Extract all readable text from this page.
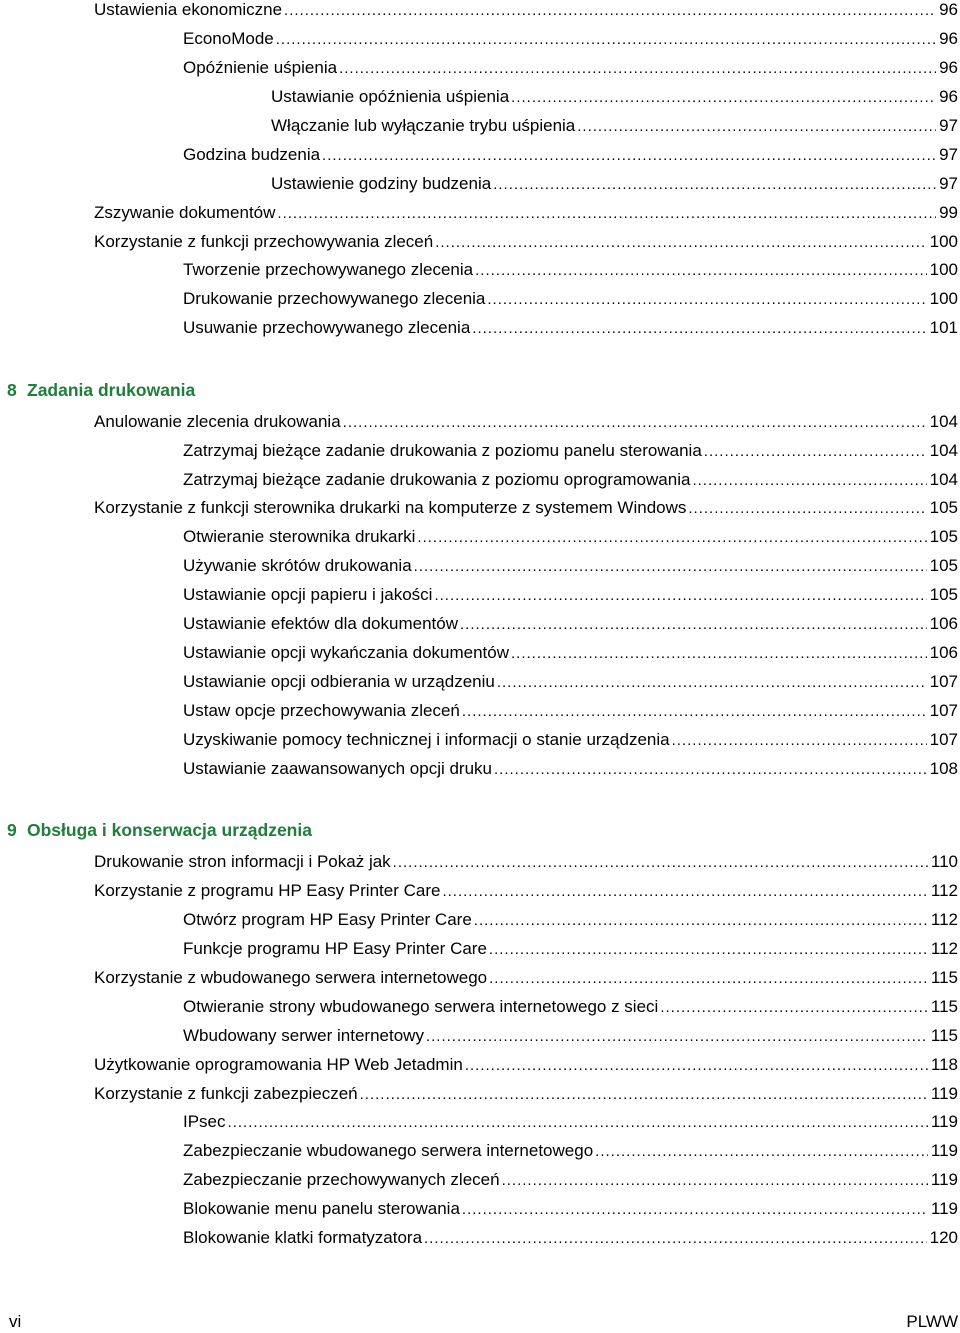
Ustawienia ekonomiczne .....	96
EconoMode .....	96
Opóźnienie uśpienia .....	96
Ustawianie opóźnienia uśpienia .....	96
Włączanie lub wyłączanie trybu uśpienia .....	97
Godzina budzenia .....	97
Ustawienie godziny budzenia .....	97
Zszywanie dokumentów .....	99
Korzystanie z funkcji przechowywania zleceń .....	100
Tworzenie przechowywanego zlecenia .....	100
Drukowanie przechowywanego zlecenia .....	100
Usuwanie przechowywanego zlecenia .....	101
8 Zadania drukowania
Anulowanie zlecenia drukowania .....	104
Zatrzymaj bieżące zadanie drukowania z poziomu panelu sterowania .....	104
Zatrzymaj bieżące zadanie drukowania z poziomu oprogramowania .....	104
Korzystanie z funkcji sterownika drukarki na komputerze z systemem Windows .....	105
Otwieranie sterownika drukarki .....	105
Używanie skrótów drukowania .....	105
Ustawianie opcji papieru i jakości .....	105
Ustawianie efektów dla dokumentów .....	106
Ustawianie opcji wykańczania dokumentów .....	106
Ustawianie opcji odbierania w urządzeniu .....	107
Ustaw opcje przechowywania zleceń .....	107
Uzyskiwanie pomocy technicznej i informacji o stanie urządzenia .....	107
Ustawianie zaawansowanych opcji druku .....	108
9 Obsługa i konserwacja urządzenia
Drukowanie stron informacji i Pokaż jak .....	110
Korzystanie z programu HP Easy Printer Care .....	112
Otwórz program HP Easy Printer Care .....	112
Funkcje programu HP Easy Printer Care .....	112
Korzystanie z wbudowanego serwera internetowego .....	115
Otwieranie strony wbudowanego serwera internetowego z sieci .....	115
Wbudowany serwer internetowy .....	115
Użytkowanie oprogramowania HP Web Jetadmin .....	118
Korzystanie z funkcji zabezpieczeń .....	119
IPsec .....	119
Zabezpieczanie wbudowanego serwera internetowego .....	119
Zabezpieczanie przechowywanych zleceń .....	119
Blokowanie menu panelu sterowania .....	119
Blokowanie klatki formatyzatora .....	120
vi	PLWW
